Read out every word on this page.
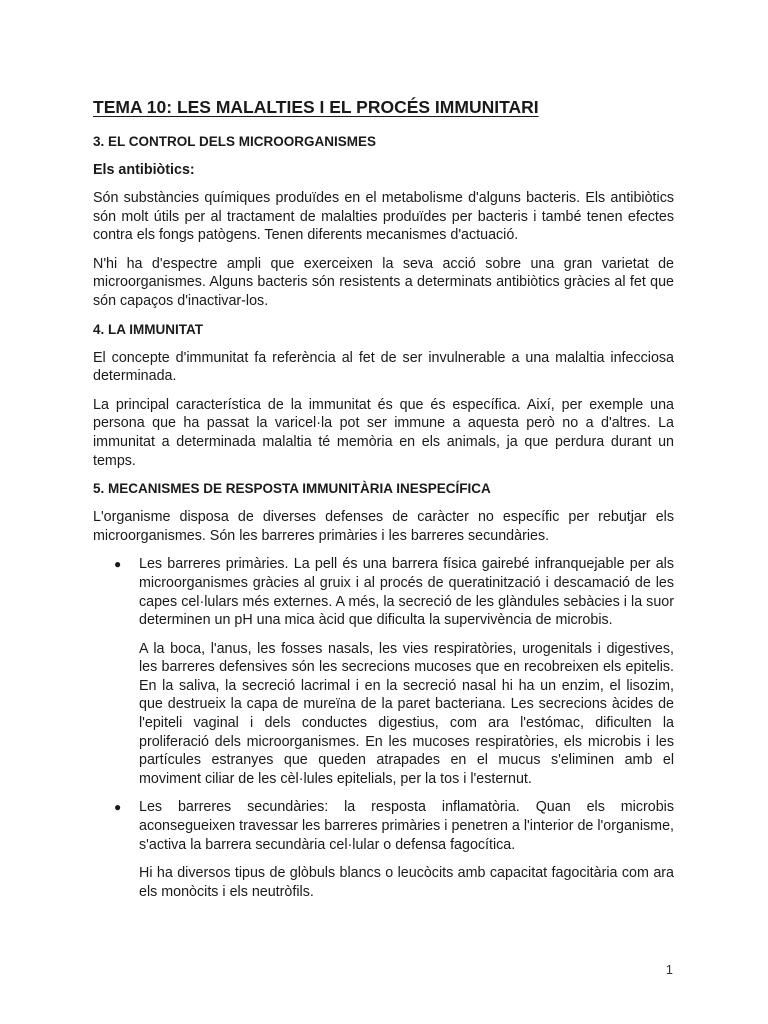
TEMA 10: LES MALALTIES I EL PROCÉS IMMUNITARI
3. EL CONTROL DELS MICROORGANISMES
Els antibiòtics:

Són substàncies químiques produïdes en el metabolisme d'alguns bacteris. Els antibiòtics són molt útils per al tractament de malalties produïdes per bacteris i també tenen efectes contra els fongs patògens. Tenen diferents mecanismes d'actuació.

N'hi ha d'espectre ampli que exerceixen la seva acció sobre una gran varietat de microorganismes. Alguns bacteris són resistents a determinats antibiòtics gràcies al fet que són capaços d'inactivar-los.

4. LA IMMUNITAT

El concepte d'immunitat fa referència al fet de ser invulnerable a una malaltia infecciosa determinada.

La principal característica de la immunitat és que és específica. Així, per exemple una persona que ha passat la varicel·la pot ser immune a aquesta però no a d'altres. La immunitat a determinada malaltia té memòria en els animals, ja que perdura durant un temps.

5. MECANISMES DE RESPOSTA IMMUNITÀRIA INESPECÍFICA

L'organisme disposa de diverses defenses de caràcter no específic per rebutjar els microorganismes. Són les barreres primàries i les barreres secundàries.

● Les barreres primàries. La pell és una barrera física gairebé infranquejable per als microorganismes gràcies al gruix i al procés de queratinització i descamació de les capes cel·lulars més externes. A més, la secreció de les glàndules sebàcies i la suor determinen un pH una mica àcid que dificulta la supervivència de microbis.

A la boca, l'anus, les fosses nasals, les vies respiratòries, urogenitals i digestives, les barreres defensives són les secrecions mucoses que en recobreixen els epitelis. En la saliva, la secreció lacrimal i en la secreció nasal hi ha un enzim, el lisozim, que destrueix la capa de mureïna de la paret bacteriana. Les secrecions àcides de l'epiteli vaginal i dels conductes digestius, com ara l'estómac, dificulten la proliferació dels microorganismes. En les mucoses respiratòries, els microbis i les partícules estranyes que queden atrapades en el mucus s'eliminen amb el moviment ciliar de les cèl·lules epitelials, per la tos i l'esternut.

● Les barreres secundàries: la resposta inflamatòria. Quan els microbis aconsegueixen travessar les barreres primàries i penetren a l'interior de l'organisme, s'activa la barrera secundària cel·lular o defensa fagocítica.

Hi ha diversos tipus de glòbuls blancs o leucòcits amb capacitat fagocitària com ara els monòcits i els neutròfils.

1
